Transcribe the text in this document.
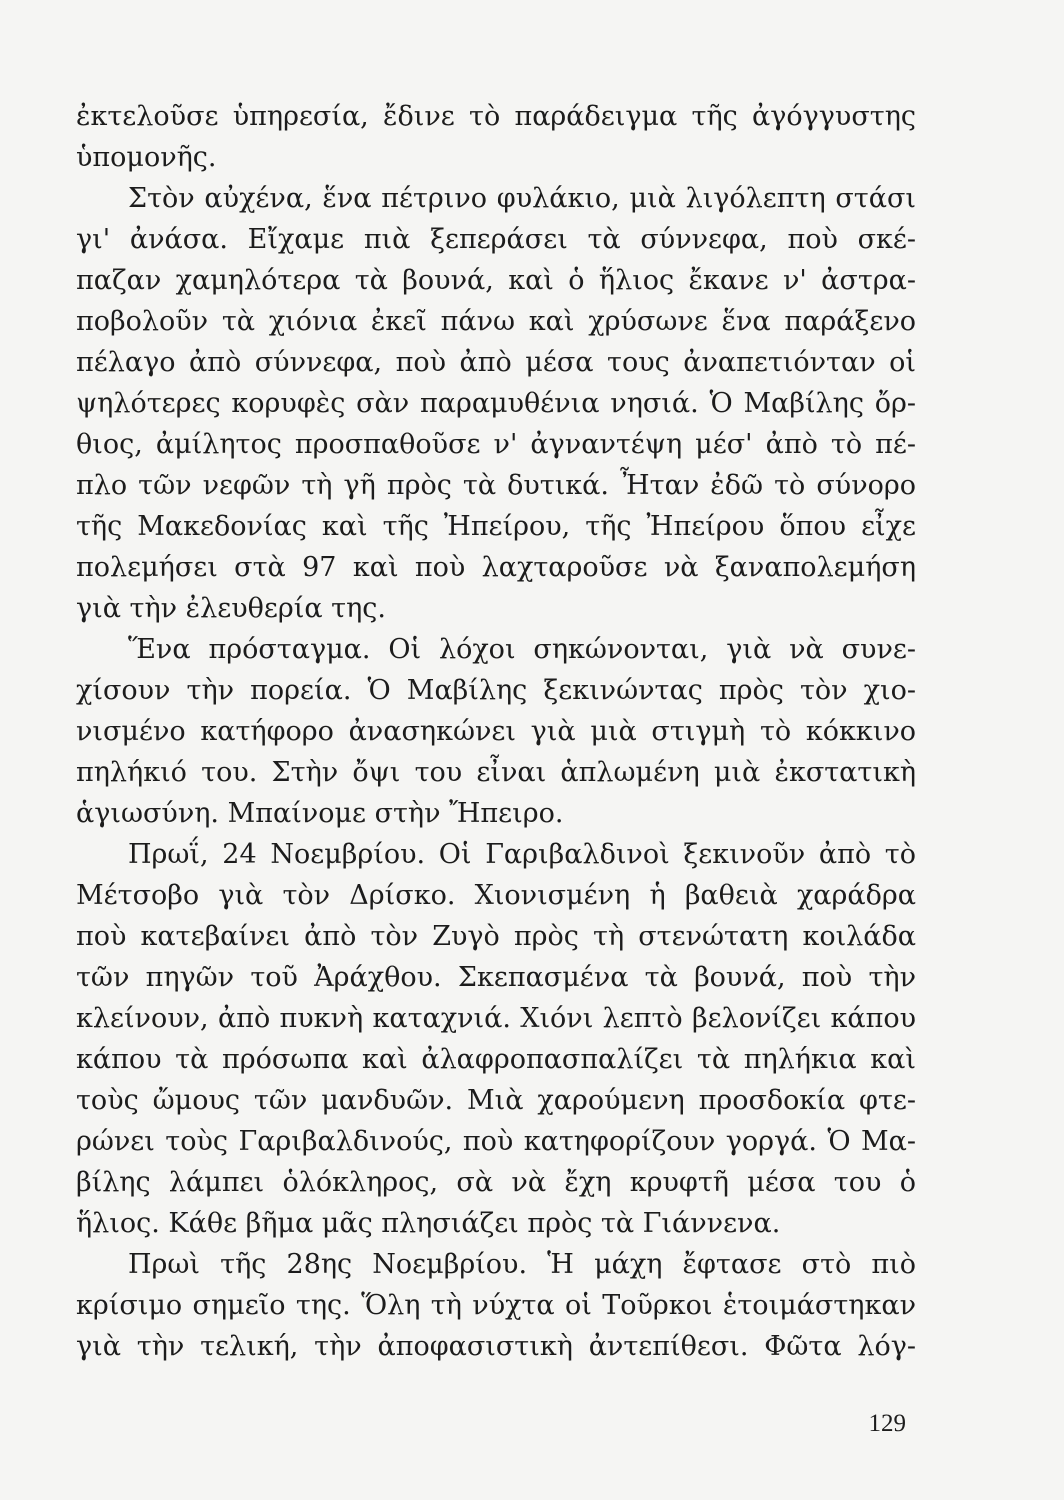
ἐκτελοῦσε ὑπηρεσία, ἔδινε τὸ παράδειγμα τῆς ἀγόγγυστης
ὑπομονῆς.
Στὸν αὐχένα, ἕνα πέτρινο φυλάκιο, μιὰ λιγόλεπτη στάσι
γι' ἀνάσα. Εἴχαμε πιὰ ξεπεράσει τὰ σύννεφα, ποὺ σκέ-
παζαν χαμηλότερα τὰ βουνά, καὶ ὁ ἥλιος ἔκανε ν' ἀστρα-
ποβολοῦν τὰ χιόνια ἐκεῖ πάνω καὶ χρύσωνε ἕνα παράξενο
πέλαγο ἀπὸ σύννεφα, ποὺ ἀπὸ μέσα τους ἀναπετιόνταν οἱ
ψηλότερες κορυφὲς σὰν παραμυθένια νησιά. Ὁ Μαβίλης ὄρ-
θιος, ἀμίλητος προσπαθοῦσε ν' ἀγναντέψη μέσ' ἀπὸ τὸ πέ-
πλο τῶν νεφῶν τὴ γῆ πρὸς τὰ δυτικά. Ἦταν ἐδῶ τὸ σύνορο
τῆς Μακεδονίας καὶ τῆς Ἠπείρου, τῆς Ἠπείρου ὅπου εἶχε
πολεμήσει στὰ 97 καὶ ποὺ λαχταροῦσε νὰ ξαναπολεμήση
γιὰ τὴν ἐλευθερία της.
Ἕνα πρόσταγμα. Οἱ λόχοι σηκώνονται, γιὰ νὰ συνε-
χίσουν τὴν πορεία. Ὁ Μαβίλης ξεκινώντας πρὸς τὸν χιο-
νισμένο κατήφορο ἀνασηκώνει γιὰ μιὰ στιγμὴ τὸ κόκκινο
πηλήκιό του. Στὴν ὄψι του εἶναι ἁπλωμένη μιὰ ἐκστατικὴ
ἁγιωσύνη. Μπαίνομε στὴν Ἤπειρο.
Πρωΐ, 24 Νοεμβρίου. Οἱ Γαριβαλδινοὶ ξεκινοῦν ἀπὸ τὸ
Μέτσοβο γιὰ τὸν Δρίσκο. Χιονισμένη ἡ βαθειὰ χαράδρα
ποὺ κατεβαίνει ἀπὸ τὸν Ζυγὸ πρὸς τὴ στενώτατη κοιλάδα
τῶν πηγῶν τοῦ Ἀράχθου. Σκεπασμένα τὰ βουνά, ποὺ τὴν
κλείνουν, ἀπὸ πυκνὴ καταχνιά. Χιόνι λεπτὸ βελονίζει κάπου
κάπου τὰ πρόσωπα καὶ ἀλαφροπασπαλίζει τὰ πηλήκια καὶ
τοὺς ὤμους τῶν μανδυῶν. Μιὰ χαρούμενη προσδοκία φτε-
ρώνει τοὺς Γαριβαλδινούς, ποὺ κατηφορίζουν γοργά. Ὁ Μα-
βίλης λάμπει ὁλόκληρος, σὰ νὰ ἔχη κρυφτῆ μέσα του ὁ
ἥλιος. Κάθε βῆμα μᾶς πλησιάζει πρὸς τὰ Γιάννενα.
Πρωὶ τῆς 28ης Νοεμβρίου. Ἡ μάχη ἔφτασε στὸ πιὸ
κρίσιμο σημεῖο της. Ὅλη τὴ νύχτα οἱ Τοῦρκοι ἑτοιμάστηκαν
γιὰ τὴν τελική, τὴν ἀποφασιστικὴ ἀντεπίθεσι. Φῶτα λόγ-
129
